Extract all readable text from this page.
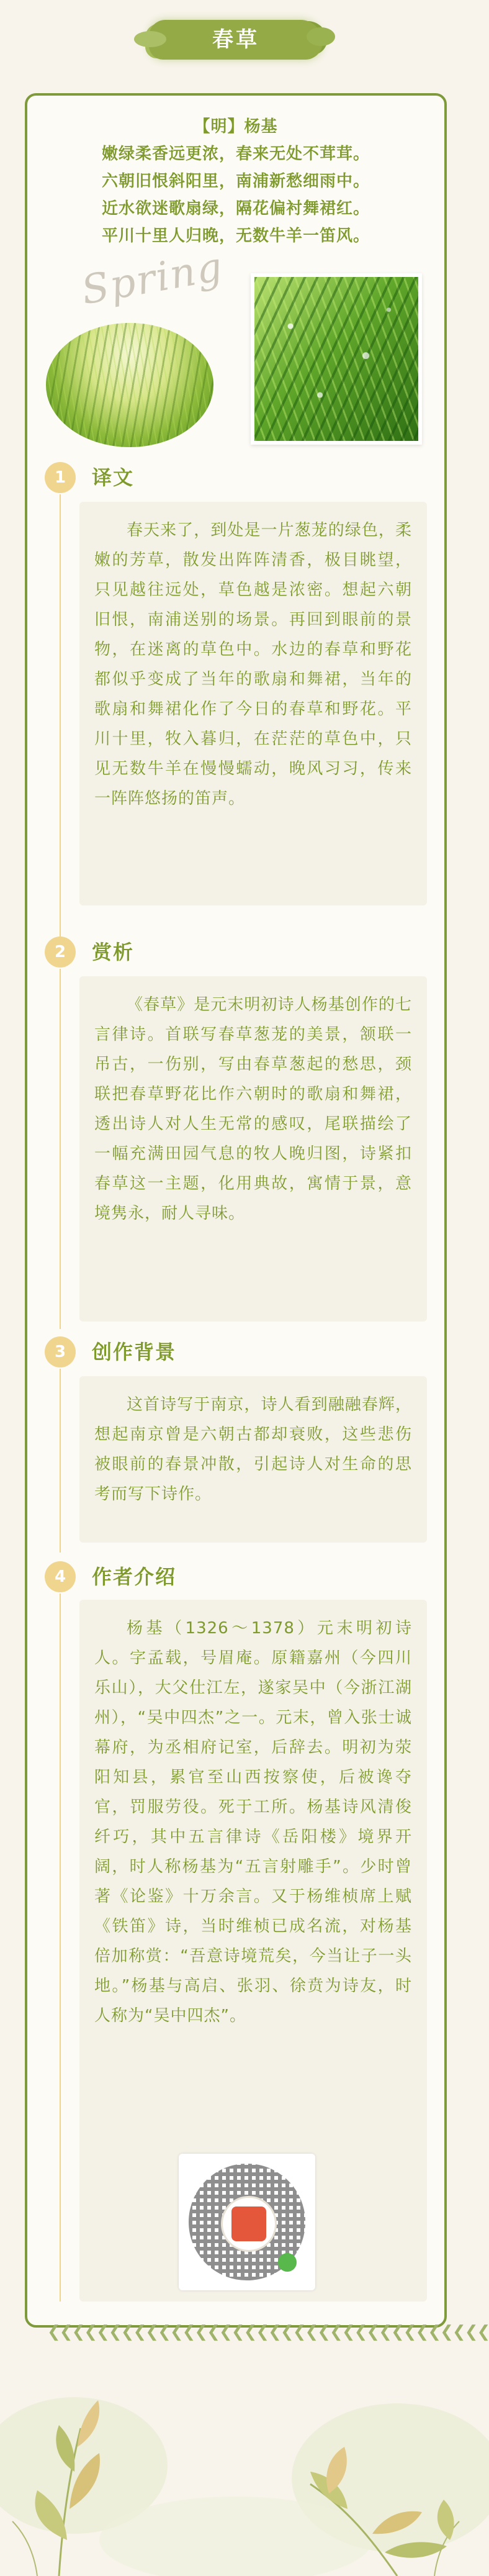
春草
【明】杨基
嫩绿柔香远更浓，春来无处不茸茸。
六朝旧恨斜阳里，南浦新愁细雨中。
近水欲迷歌扇绿，隔花偏衬舞裙红。
平川十里人归晚，无数牛羊一笛风。
Spring
1	译文

春天来了，到处是一片葱茏的绿色，柔嫩的芳草，散发出阵阵清香，极目眺望，只见越往远处，草色越是浓密。想起六朝旧恨，南浦送别的场景。再回到眼前的景物，在迷离的草色中。水边的春草和野花都似乎变成了当年的歌扇和舞裙，当年的歌扇和舞裙化作了今日的春草和野花。平川十里，牧入暮归，在茫茫的草色中，只见无数牛羊在慢慢蠕动，晚风习习，传来一阵阵悠扬的笛声。

2	赏析

《春草》是元末明初诗人杨基创作的七言律诗。首联写春草葱茏的美景，颔联一吊古，一伤别，写由春草葱起的愁思，颈联把春草野花比作六朝时的歌扇和舞裙，透出诗人对人生无常的感叹，尾联描绘了一幅充满田园气息的牧人晚归图，诗紧扣春草这一主题，化用典故，寓情于景，意境隽永，耐人寻味。

3	创作背景

这首诗写于南京，诗人看到融融春辉，想起南京曾是六朝古都却衰败，这些悲伤被眼前的春景冲散，引起诗人对生命的思考而写下诗作。

4	作者介绍

杨基（1326～1378）元末明初诗人。字孟载，号眉庵。原籍嘉州（今四川乐山），大父仕江左，遂家吴中（今浙江湖州），“吴中四杰”之一。元末，曾入张士诚幕府，为丞相府记室，后辞去。明初为荥阳知县，累官至山西按察使，后被谗夺官，罚服劳役。死于工所。杨基诗风清俊纤巧，其中五言律诗《岳阳楼》境界开阔，时人称杨基为“五言射雕手”。少时曾著《论鉴》十万余言。又于杨维桢席上赋《铁笛》诗，当时维桢已成名流，对杨基倍加称赏：“吾意诗境荒矣，今当让子一头地。”杨基与高启、张羽、徐贲为诗友，时人称为“吴中四杰”。

❮❮❮❮❮❮❮❮❮❮❮❮❮❮❮❮❮❮❮❮❮❮❮❮❮❮❮❮❮❮❮❮❮❮❮❮
